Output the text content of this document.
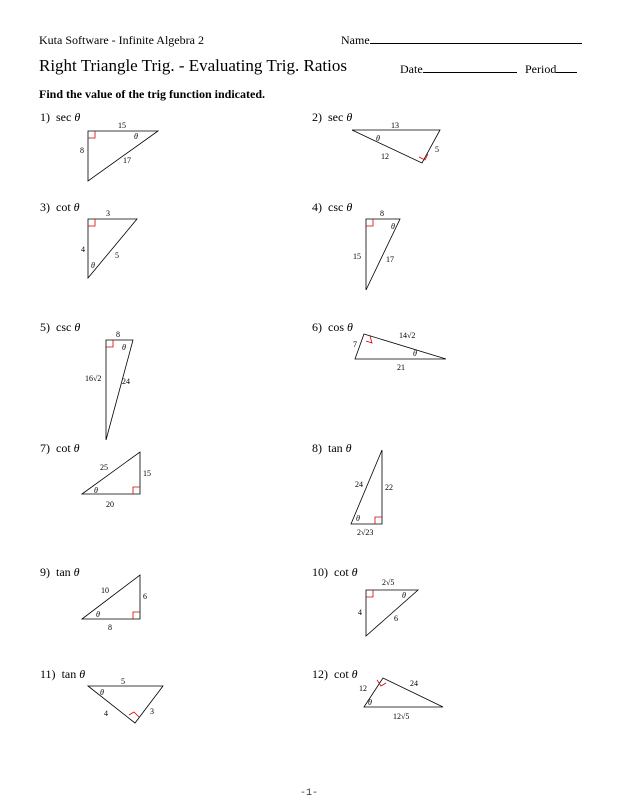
Kuta Software - Infinite Algebra 2	Name
Right Triangle Trig. - Evaluating Trig. Ratios	Date	Period
Find the value of the trig function indicated.
1) sec θ	2) sec θ
3) cot θ	4) csc θ
5) csc θ	6) cos θ
7) cot θ	8) tan θ
9) tan θ	10) cot θ
11) tan θ	12) cot θ
θ	θ
θ
θ
θ
θ
θ
θ
θ
θ
θ
θ
15
8
17
13
12
5
3
4
5
8
15	17
8
16√2	24
14√2
7
21
25
15
20
24	22
2√23
10
6
8
2√5
4
6
5
4	3
12
24
12√5
-1-
